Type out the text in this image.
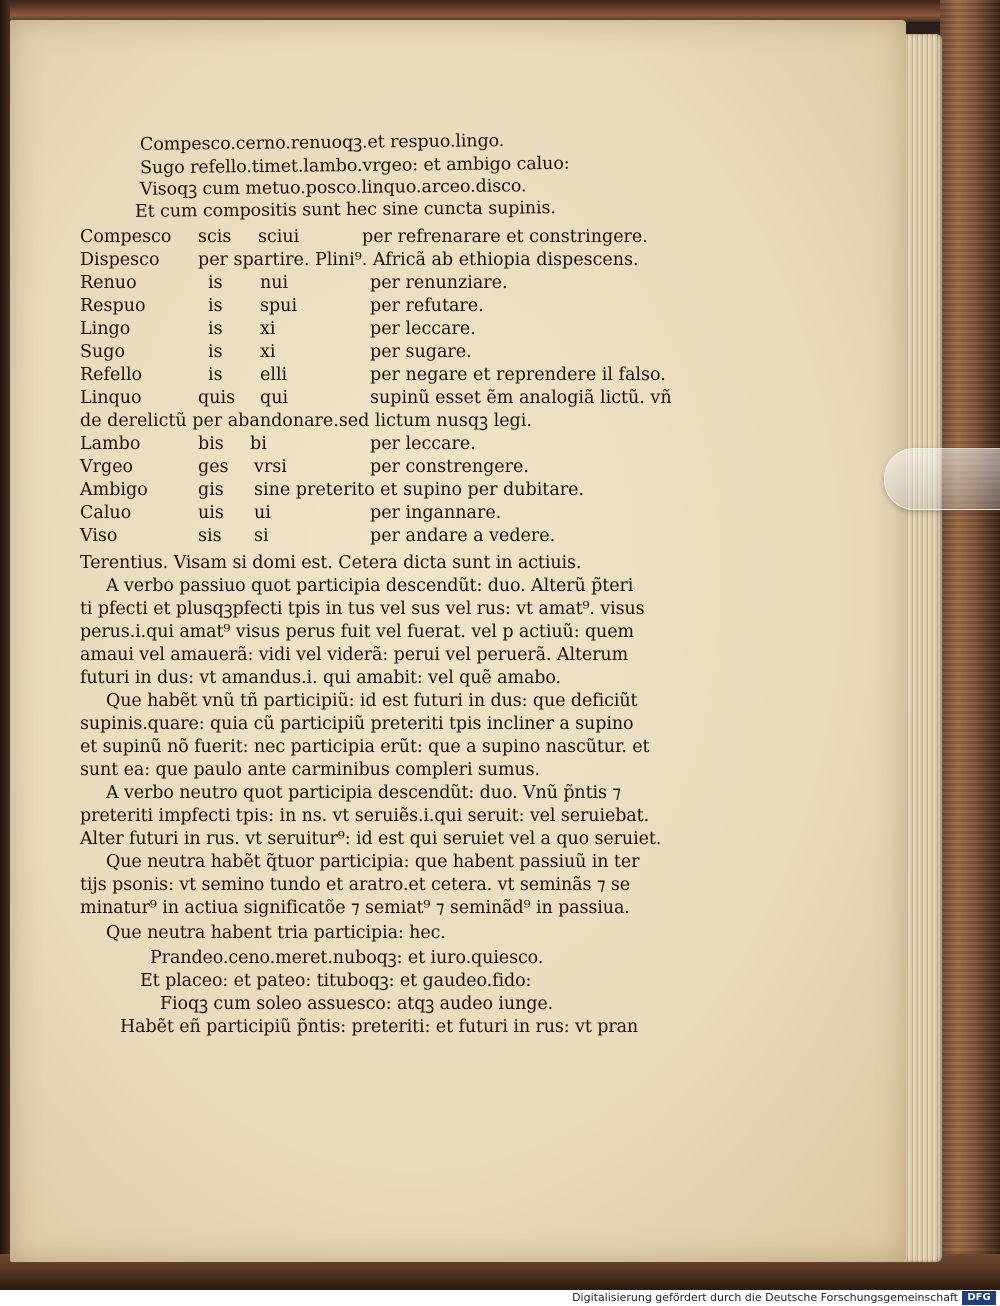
Compesco.cerno.renuoqꝫ.et respuo.lingo.
Sugo refello.timet.lambo.vrgeo: et ambigo caluo:
Visoqꝫ cum metuo.posco.linquo.arceo.disco.
Et cum compositis sunt hec sine cuncta supinis.
Compesco scis sciui	per refrenarare et constringere.
Dispesco per spartire. Plini⁹. Africã ab ethiopia dispescens.
Renuo	is nui	per renunziare.
Respuo	is spui	per refutare.
Lingo	is xi	per leccare.
Sugo	is xi	per sugare.
Refello	is elli	per negare et reprendere il falso.
Linquo	quis qui	supinũ esset ẽm analogiã lictũ. vñ
de derelictũ per abandonare.sed lictum nusqꝫ legi.
Lambo	bis bi	per leccare.
Vrgeo	ges vrsi	per constrengere.
Ambigo	gis sine preterito et supino per dubitare.
Caluo	uis ui	per ingannare.
Viso	sis si	per andare a vedere.
Terentius. Visam si domi est. Cetera dicta sunt in actiuis.
A verbo passiuo quot participia descendũt: duo. Alterũ p̃teri
ti pfecti et plusqꝫpfecti tpis in tus vel sus vel rus: vt amat⁹. visus
perus.i.qui amat⁹ visus perus fuit vel fuerat. vel p actiuũ: quem
amaui vel amauerã: vidi vel viderã: perui vel peruerã. Alterum
futuri in dus: vt amandus.i. qui amabit: vel quẽ amabo.
Que habẽt vnũ tñ participiũ: id est futuri in dus: que deficiũt
supinis.quare: quia cũ participiũ preteriti tpis incliner a supino
et supinũ nõ fuerit: nec participia erũt: que a supino nascũtur. et
sunt ea: que paulo ante carminibus compleri sumus.
A verbo neutro quot participia descendũt: duo. Vnũ p̃ntis ⁊
preteriti impfecti tpis: in ns. vt seruiẽs.i.qui seruit: vel seruiebat.
Alter futuri in rus. vt seruitur⁹: id est qui seruiet vel a quo seruiet.
Que neutra habẽt q̃tuor participia: que habent passiuũ in ter
tijs psonis: vt semino tundo et aratro.et cetera. vt seminãs ⁊ se
minatur⁹ in actiua significatõe ⁊ semiat⁹ ⁊ seminãd⁹ in passiua.
Que neutra habent tria participia: hec.
Prandeo.ceno.meret.nuboqꝫ: et iuro.quiesco.
Et placeo: et pateo: tituboqꝫ: et gaudeo.fido:
Fioqꝫ cum soleo assuesco: atqꝫ audeo iunge.
Habẽt eñ participiũ p̃ntis: preteriti: et futuri in rus: vt pran
Digitalisierung gefördert durch die Deutsche Forschungsgemeinschaft DFG
